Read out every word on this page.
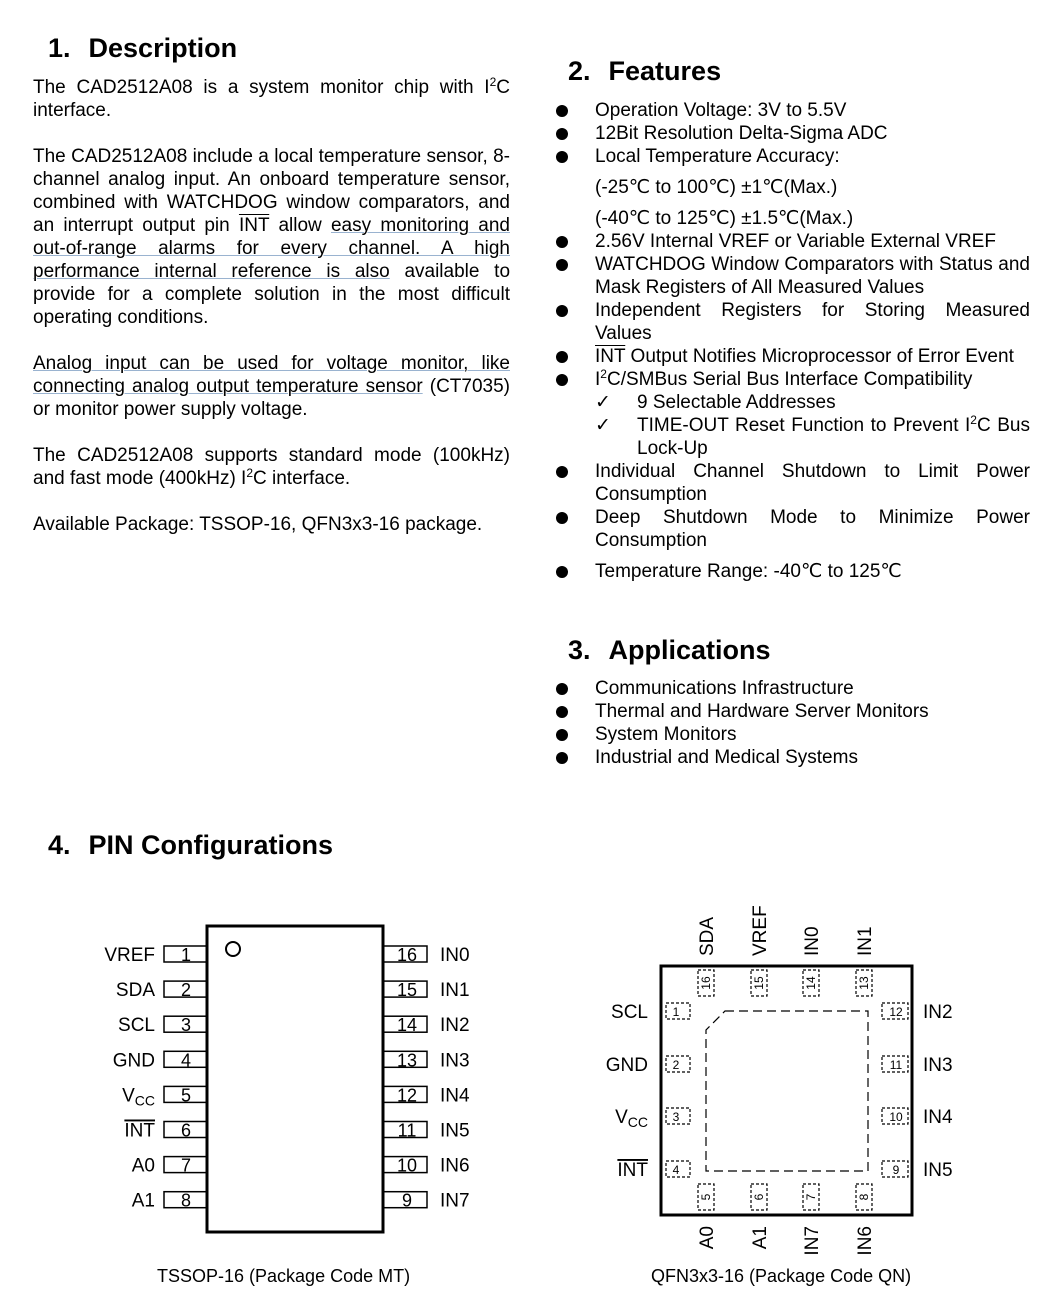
1. Description
2. Features
3. Applications
4. PIN Configurations

The CAD2512A08 is a system monitor chip with $I^2C$ interface.

The CAD2512A08 include a local temperature sensor, 8-channel analog input. An onboard temperature sensor, combined with WATCHDOG window comparators, and an interrupt output pin $\overline{INT}$ allow easy monitoring and out-of-range alarms for every channel. A high performance internal reference is also available to provide for a complete solution in the most difficult operating conditions.

Analog input can be used for voltage monitor, like connecting analog output temperature sensor (CT7035) or monitor power supply voltage.

The CAD2512A08 supports standard mode (100kHz) and fast mode (400kHz) $I^2C$ interface.

Available Package: TSSOP-16, QFN3x3-16 package.

Operation Voltage: 3V to 5.5V
12Bit Resolution Delta-Sigma ADC
Local Temperature Accuracy:
(-25℃ to 100℃) ±1℃(Max.)
(-40℃ to 125℃) ±1.5℃(Max.)
2.56V Internal VREF or Variable External VREF
WATCHDOG Window Comparators with Status and Mask Registers of All Measured Values
Independent Registers for Storing Measured Values
$\overline{INT}$ Output Notifies Microprocessor of Error Event
$I^2C$/SMBus Serial Bus Interface Compatibility
✓ 9 Selectable Addresses
✓ TIME-OUT Reset Function to Prevent $I^2C$ Bus Lock-Up
Individual Channel Shutdown to Limit Power Consumption
Deep Shutdown Mode to Minimize Power Consumption
Temperature Range: -40℃ to 125℃
Communications Infrastructure
Thermal and Hardware Server Monitors
System Monitors
Industrial and Medical Systems
1
VREF
2
SDA
3
SCL
4
GND
5
$V_{CC}$
6
INT
7
A0
8
A1
16 IN0
15 IN1
14 IN2
13 IN3
12 IN4
11 IN5
10 IN6
9 IN7
TSSOP-16 (Package Code MT)
1
SCL
2
GND
3
$V_{CC}$
4
INT	9 IN5
10 IN4
11 IN3
12 IN2
5
A0
6
A1
7
IN7
8
IN6
13
IN1
14
IN0
15
VREF
16
SDA
QFN3x3-16 (Package Code QN)
